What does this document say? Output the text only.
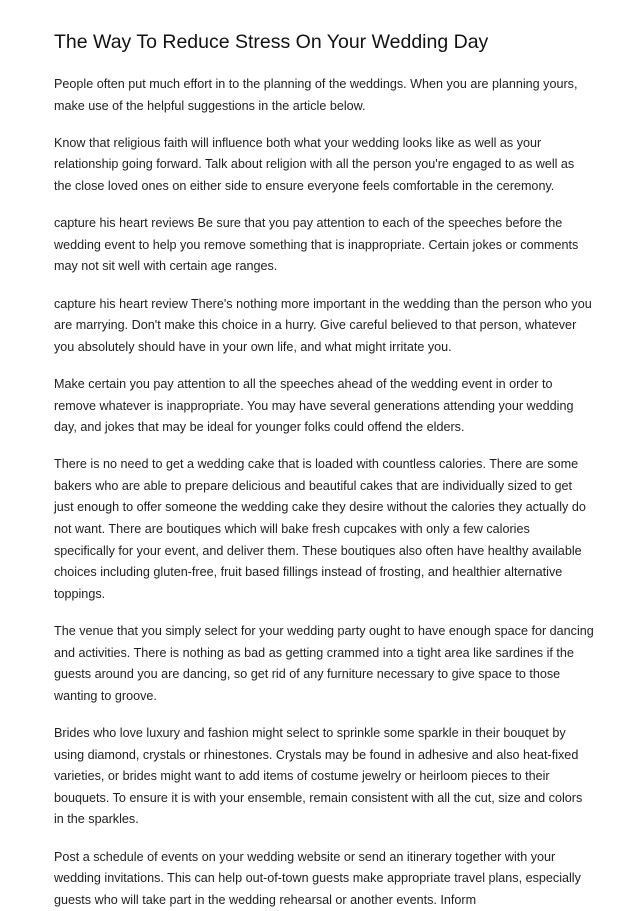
The Way To Reduce Stress On Your Wedding Day

People often put much effort in to the planning of the weddings. When you are planning yours, make use of the helpful suggestions in the article below.

Know that religious faith will influence both what your wedding looks like as well as your relationship going forward. Talk about religion with all the person you're engaged to as well as the close loved ones on either side to ensure everyone feels comfortable in the ceremony.

capture his heart reviews Be sure that you pay attention to each of the speeches before the wedding event to help you remove something that is inappropriate. Certain jokes or comments may not sit well with certain age ranges.

capture his heart review There's nothing more important in the wedding than the person who you are marrying. Don't make this choice in a hurry. Give careful believed to that person, whatever you absolutely should have in your own life, and what might irritate you.

Make certain you pay attention to all the speeches ahead of the wedding event in order to remove whatever is inappropriate. You may have several generations attending your wedding day, and jokes that may be ideal for younger folks could offend the elders.

There is no need to get a wedding cake that is loaded with countless calories. There are some bakers who are able to prepare delicious and beautiful cakes that are individually sized to get just enough to offer someone the wedding cake they desire without the calories they actually do not want. There are boutiques which will bake fresh cupcakes with only a few calories specifically for your event, and deliver them. These boutiques also often have healthy available choices including gluten-free, fruit based fillings instead of frosting, and healthier alternative toppings.

The venue that you simply select for your wedding party ought to have enough space for dancing and activities. There is nothing as bad as getting crammed into a tight area like sardines if the guests around you are dancing, so get rid of any furniture necessary to give space to those wanting to groove.

Brides who love luxury and fashion might select to sprinkle some sparkle in their bouquet by using diamond, crystals or rhinestones. Crystals may be found in adhesive and also heat-fixed varieties, or brides might want to add items of costume jewelry or heirloom pieces to their bouquets. To ensure it is with your ensemble, remain consistent with all the cut, size and colors in the sparkles.

Post a schedule of events on your wedding website or send an itinerary together with your wedding invitations. This can help out-of-town guests make appropriate travel plans, especially guests who will take part in the wedding rehearsal or another events. Inform
